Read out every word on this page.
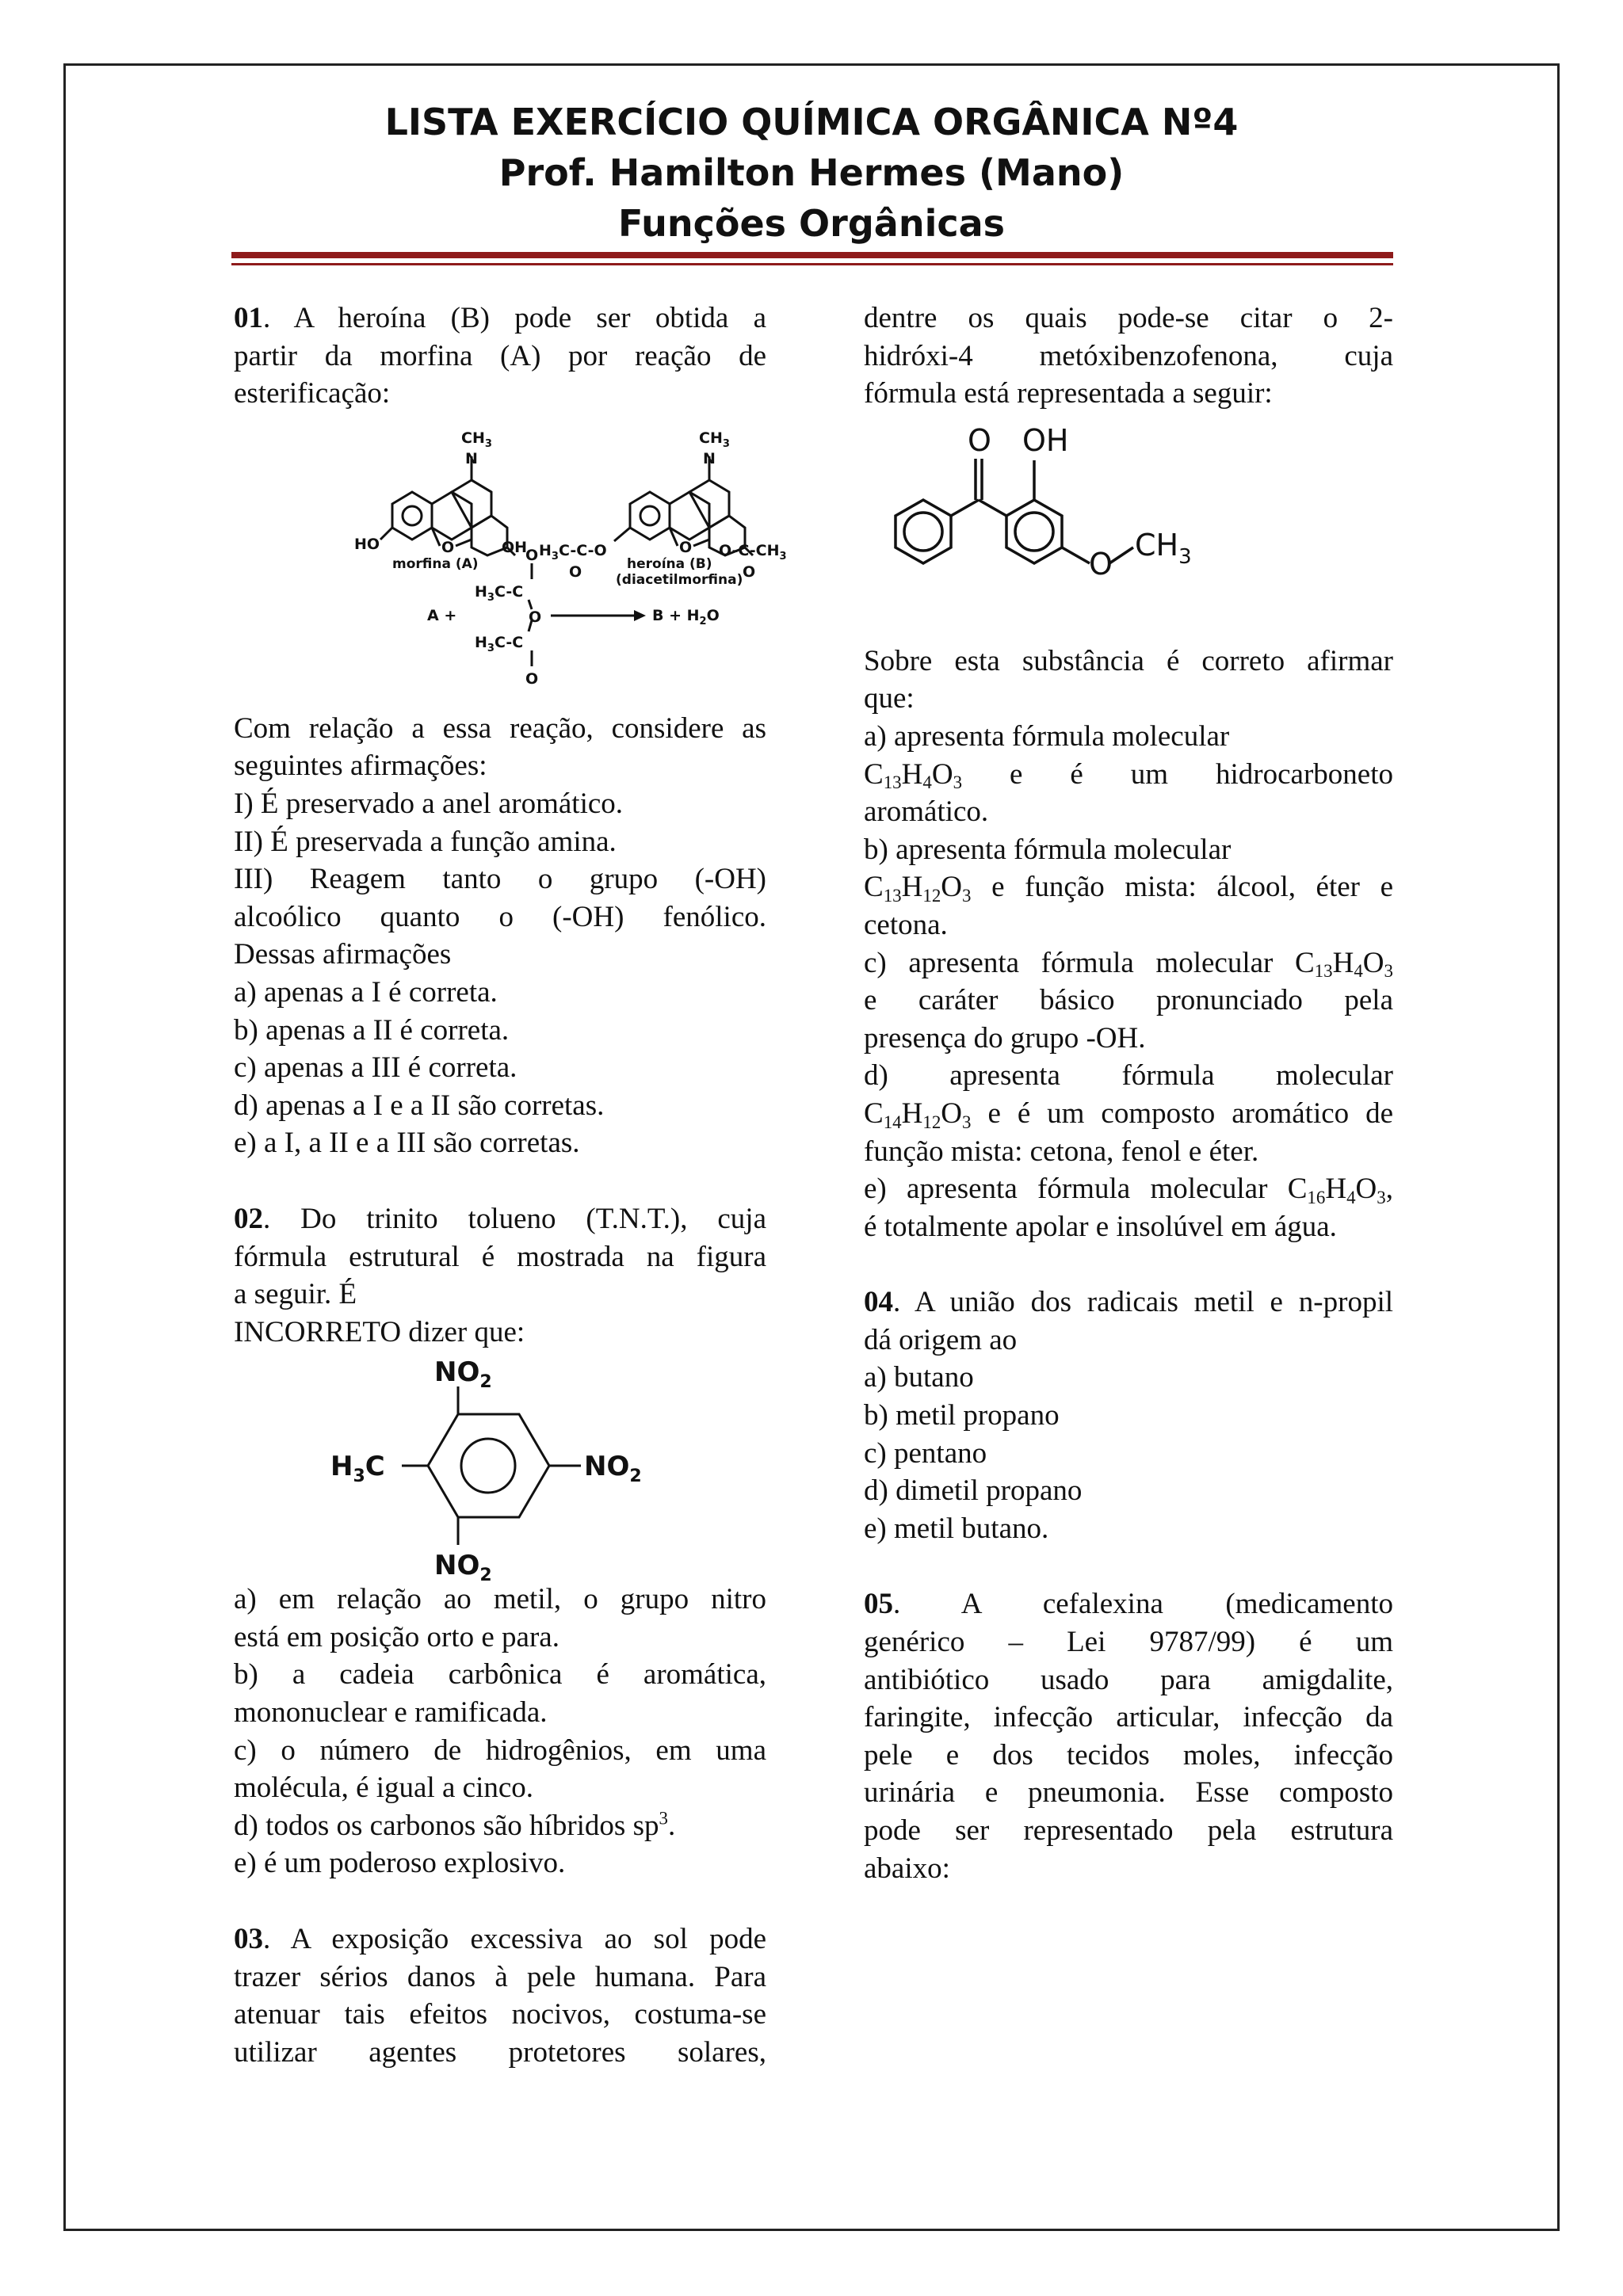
LISTA EXERCÍCIO QUÍMICA ORGÂNICA Nº4
Prof. Hamilton Hermes (Mano)
Funções Orgânicas

01. A heroína (B) pode ser obtida a

partir da morfina (A) por reação de

esterificação:

$CH_3$
N
HO	O	OH
morfina (A)
$CH_3$
N
$H_3C-C-O$
O
O $O-C-CH_3$
O
heroína (B)
(diacetilmorfina)
O
$H_3C-C$
O
A +
$H_3C-C$
O
$B + H_2O$

Com relação a essa reação, considere as

seguintes afirmações:

I) É preservado a anel aromático.

II) É preservada a função amina.

III) Reagem tanto o grupo (-OH)

alcoólico quanto o (-OH) fenólico.

Dessas afirmações

a) apenas a I é correta.

b) apenas a II é correta.

c) apenas a III é correta.

d) apenas a I e a II são corretas.

e) a I, a II e a III são corretas.

02. Do trinito tolueno (T.N.T.), cuja

fórmula estrutural é mostrada na figura

a seguir. É

INCORRETO dizer que:

$NO_2$
$NO_2$
$NO_2$
$H_3C$

a) em relação ao metil, o grupo nitro

está em posição orto e para.

b) a cadeia carbônica é aromática,

mononuclear e ramificada.

c) o número de hidrogênios, em uma

molécula, é igual a cinco.

d) todos os carbonos são híbridos $sp^3$.

e) é um poderoso explosivo.

03. A exposição excessiva ao sol pode

trazer sérios danos à pele humana. Para

atenuar tais efeitos nocivos, costuma-se

utilizar agentes protetores solares,

dentre os quais pode-se citar o 2-

hidróxi-4 metóxibenzofenona, cuja

fórmula está representada a seguir:

O OH
O
$CH_3$

Sobre esta substância é correto afirmar

que:

a) apresenta fórmula molecular

$C_{13}H_4O_3$ e é um hidrocarboneto

aromático.

b) apresenta fórmula molecular

$C_{13}H_{12}O_3$ e função mista: álcool, éter e

cetona.

c) apresenta fórmula molecular $C_{13}H_4O_3$

e caráter básico pronunciado pela

presença do grupo -OH.

d) apresenta fórmula molecular

$C_{14}H_{12}O_3$ e é um composto aromático de

função mista: cetona, fenol e éter.

e) apresenta fórmula molecular $C_{16}H_4O_3$,

é totalmente apolar e insolúvel em água.

04. A união dos radicais metil e n-propil

dá origem ao

a) butano

b) metil propano

c) pentano

d) dimetil propano

e) metil butano.

05. A cefalexina (medicamento

genérico – Lei 9787/99) é um

antibiótico usado para amigdalite,

faringite, infecção articular, infecção da

pele e dos tecidos moles, infecção

urinária e pneumonia. Esse composto

pode ser representado pela estrutura

abaixo:
